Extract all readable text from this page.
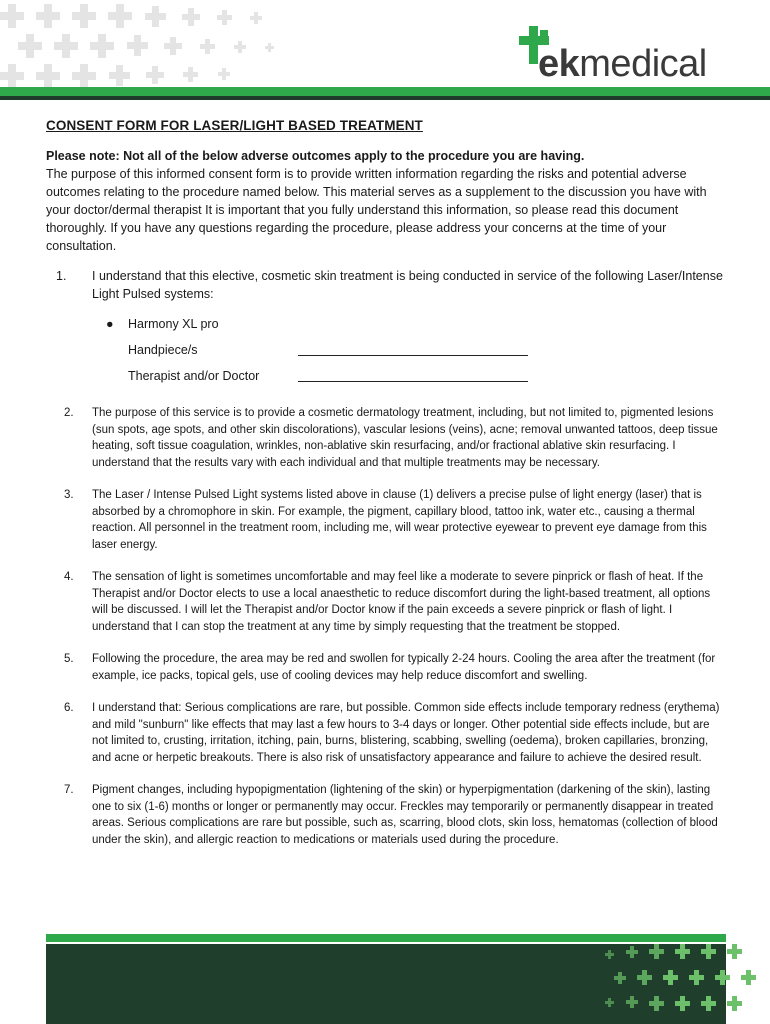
ekmedical

CONSENT FORM FOR LASER/LIGHT BASED TREATMENT

Please note: Not all of the below adverse outcomes apply to the procedure you are having.

The purpose of this informed consent form is to provide written information regarding the risks and potential adverse outcomes relating to the procedure named below. This material serves as a supplement to the discussion you have with your doctor/dermal therapist It is important that you fully understand this information, so please read this document thoroughly. If you have any questions regarding the procedure, please address your concerns at the time of your consultation.

1. I understand that this elective, cosmetic skin treatment is being conducted in service of the following Laser/Intense Light Pulsed systems:

● Harmony XL pro
Handpiece/s
Therapist and/or Doctor
2. The purpose of this service is to provide a cosmetic dermatology treatment, including, but not limited to, pigmented lesions (sun spots, age spots, and other skin discolorations), vascular lesions (veins), acne; removal unwanted tattoos, deep tissue heating, soft tissue coagulation, wrinkles, non-ablative skin resurfacing, and/or fractional ablative skin resurfacing. I understand that the results vary with each individual and that multiple treatments may be necessary.

3. The Laser / Intense Pulsed Light systems listed above in clause (1) delivers a precise pulse of light energy (laser) that is absorbed by a chromophore in skin. For example, the pigment, capillary blood, tattoo ink, water etc., causing a thermal reaction. All personnel in the treatment room, including me, will wear protective eyewear to prevent eye damage from this laser energy.

4. The sensation of light is sometimes uncomfortable and may feel like a moderate to severe pinprick or flash of heat. If the Therapist and/or Doctor elects to use a local anaesthetic to reduce discomfort during the light-based treatment, all options will be discussed. I will let the Therapist and/or Doctor know if the pain exceeds a severe pinprick or flash of light. I understand that I can stop the treatment at any time by simply requesting that the treatment be stopped.

5. Following the procedure, the area may be red and swollen for typically 2-24 hours. Cooling the area after the treatment (for example, ice packs, topical gels, use of cooling devices may help reduce discomfort and swelling.

6. I understand that: Serious complications are rare, but possible. Common side effects include temporary redness (erythema) and mild "sunburn" like effects that may last a few hours to 3-4 days or longer. Other potential side effects include, but are not limited to, crusting, irritation, itching, pain, burns, blistering, scabbing, swelling (oedema), broken capillaries, bronzing, and acne or herpetic breakouts. There is also risk of unsatisfactory appearance and failure to achieve the desired result.

7. Pigment changes, including hypopigmentation (lightening of the skin) or hyperpigmentation (darkening of the skin), lasting one to six (1-6) months or longer or permanently may occur. Freckles may temporarily or permanently disappear in treated areas. Serious complications are rare but possible, such as, scarring, blood clots, skin loss, hematomas (collection of blood under the skin), and allergic reaction to medications or materials used during the procedure.
